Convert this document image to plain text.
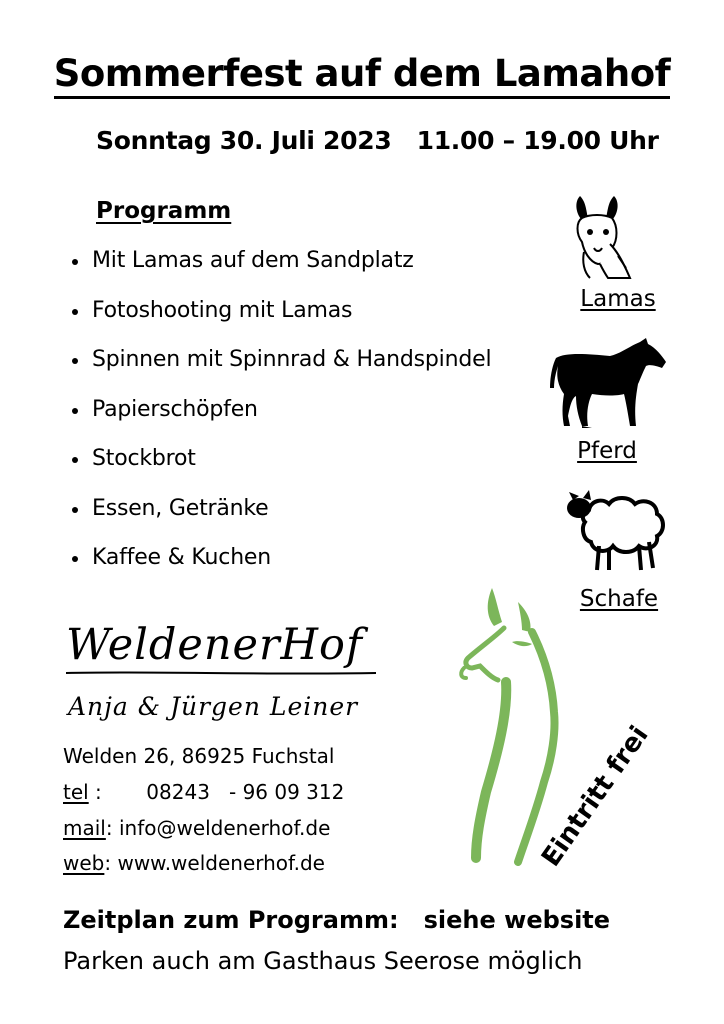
Sommerfest auf dem Lamahof
Sonntag 30. Juli 2023   11.00 – 19.00 Uhr
Programm
Mit Lamas auf dem Sandplatz
Fotoshooting mit Lamas
Spinnen mit Spinnrad & Handspindel
Papierschöpfen
Stockbrot
Essen, Getränke
Kaffee & Kuchen
Lamas
Pferd
Schafe
WeldenerHof
Anja & Jürgen Leiner
Welden 26, 86925 Fuchstal
tel :       08243   - 96 09 312
mail: info@weldenerhof.de
web: www.weldenerhof.de	Eintritt frei
Zeitplan zum Programm:   siehe website
Parken auch am Gasthaus Seerose möglich
